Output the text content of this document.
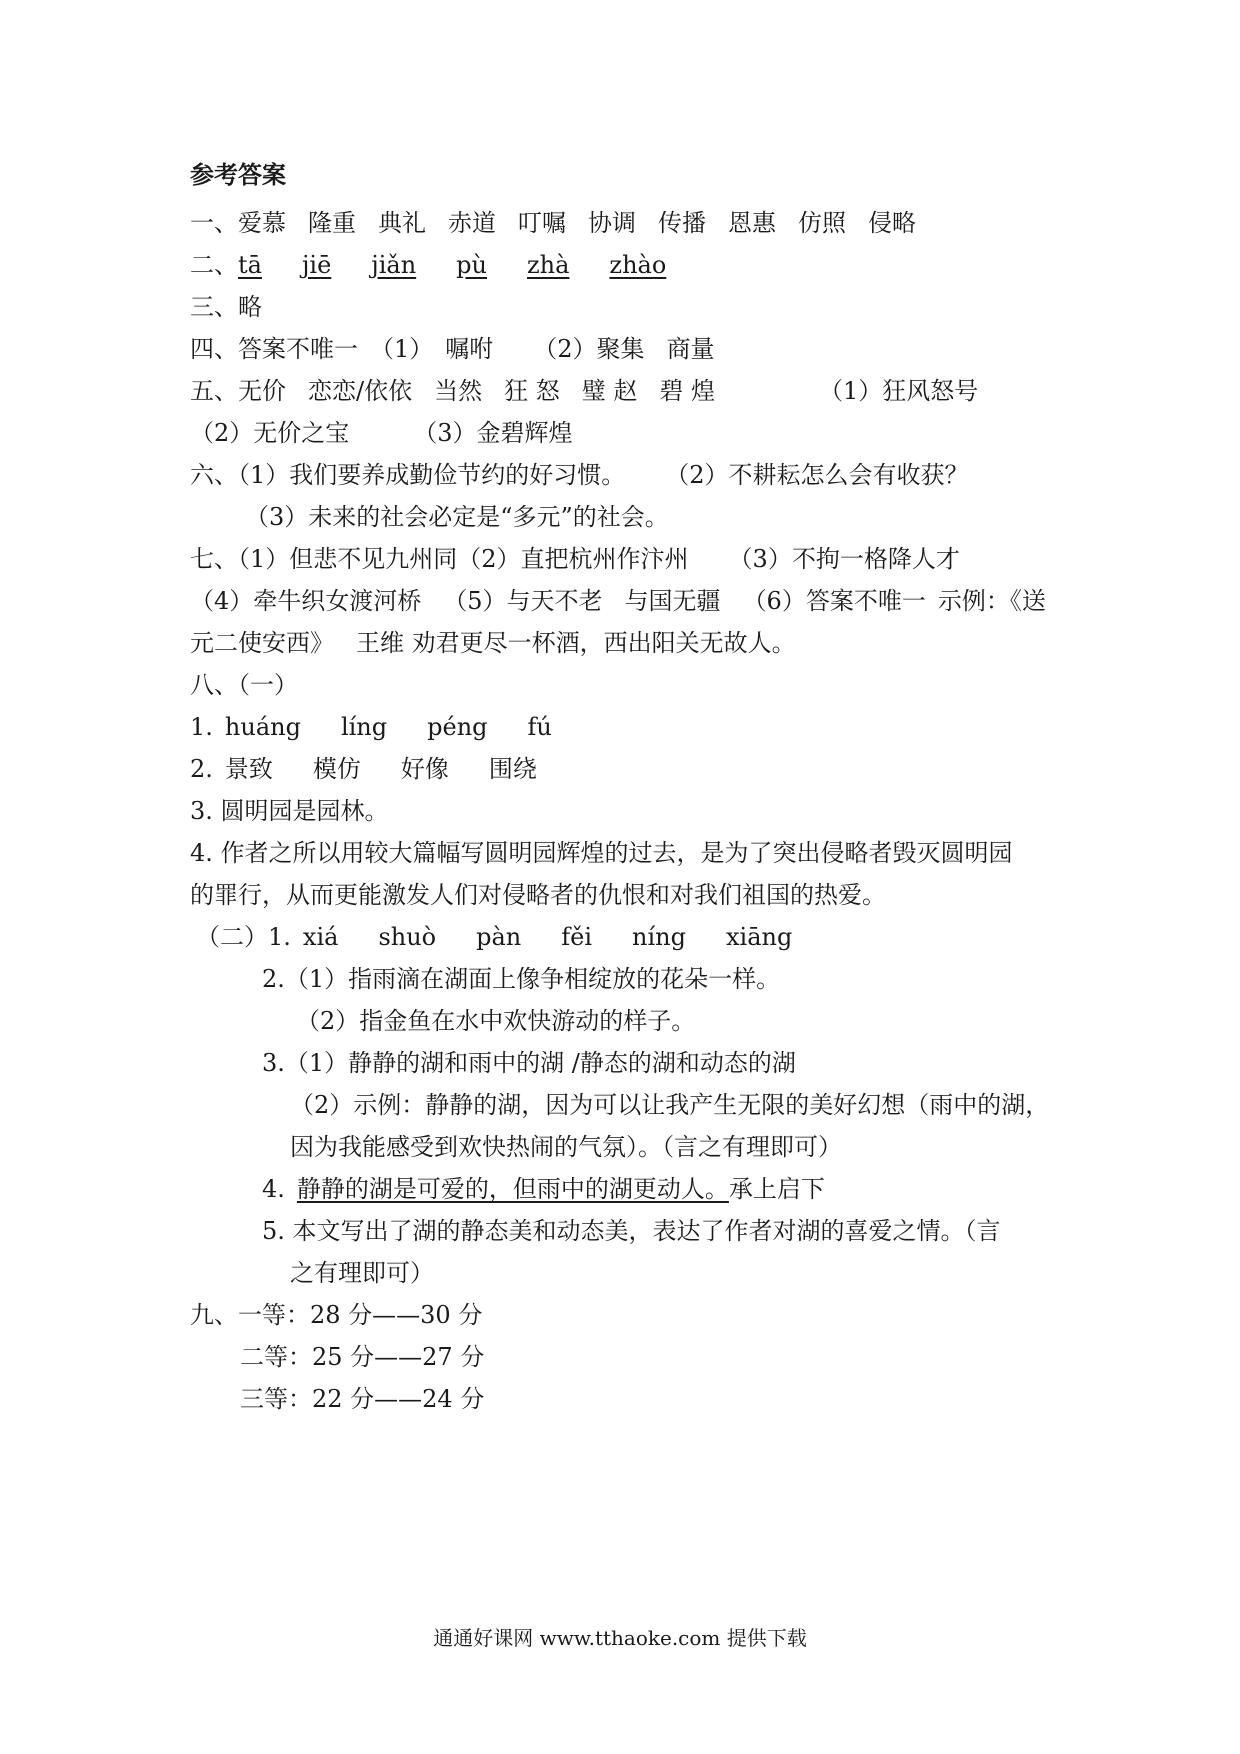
参考答案
一、爱慕 隆重 典礼 赤道 叮嘱 协调 传播 恩惠 仿照 侵略
二、tā jiē jiǎn pù zhà zhào
三、略
四、答案不唯一 （1） 嘱咐 （2）聚集 商量
五、无价 恋恋/依依 当然 狂 怒 璧 赵 碧 煌	（1）狂风怒号
（2）无价之宝	（3）金碧辉煌
六、（1）我们要养成勤俭节约的好习惯。 （2）不耕耘怎么会有收获？
（3）未来的社会必定是“多元”的社会。
七、（1）但悲不见九州同（2）直把杭州作汴州 （3）不拘一格降人才
（4）牵牛织女渡河桥 （5）与天不老 与国无疆 （6）答案不唯一 示例：《送
元二使安西》 王维 劝君更尽一杯酒，西出阳关无故人。
八、（一）
1. huáng líng péng fú
2. 景致 模仿 好像 围绕
3. 圆明园是园林。
4. 作者之所以用较大篇幅写圆明园辉煌的过去，是为了突出侵略者毁灭圆明园
的罪行，从而更能激发人们对侵略者的仇恨和对我们祖国的热爱。
（二）1. xiá shuò pàn fěi níng xiāng
2.（1）指雨滴在湖面上像争相绽放的花朵一样。
（2）指金鱼在水中欢快游动的样子。
3.（1）静静的湖和雨中的湖 /静态的湖和动态的湖
（2）示例：静静的湖，因为可以让我产生无限的美好幻想（雨中的湖，
因为我能感受到欢快热闹的气氛）。（言之有理即可）
4. 静静的湖是可爱的，但雨中的湖更动人。承上启下
5. 本文写出了湖的静态美和动态美，表达了作者对湖的喜爱之情。（言
之有理即可）
九、一等：28 分——30 分
二等：25 分——27 分
三等：22 分——24 分
通通好课网 www.tthaoke.com 提供下载
